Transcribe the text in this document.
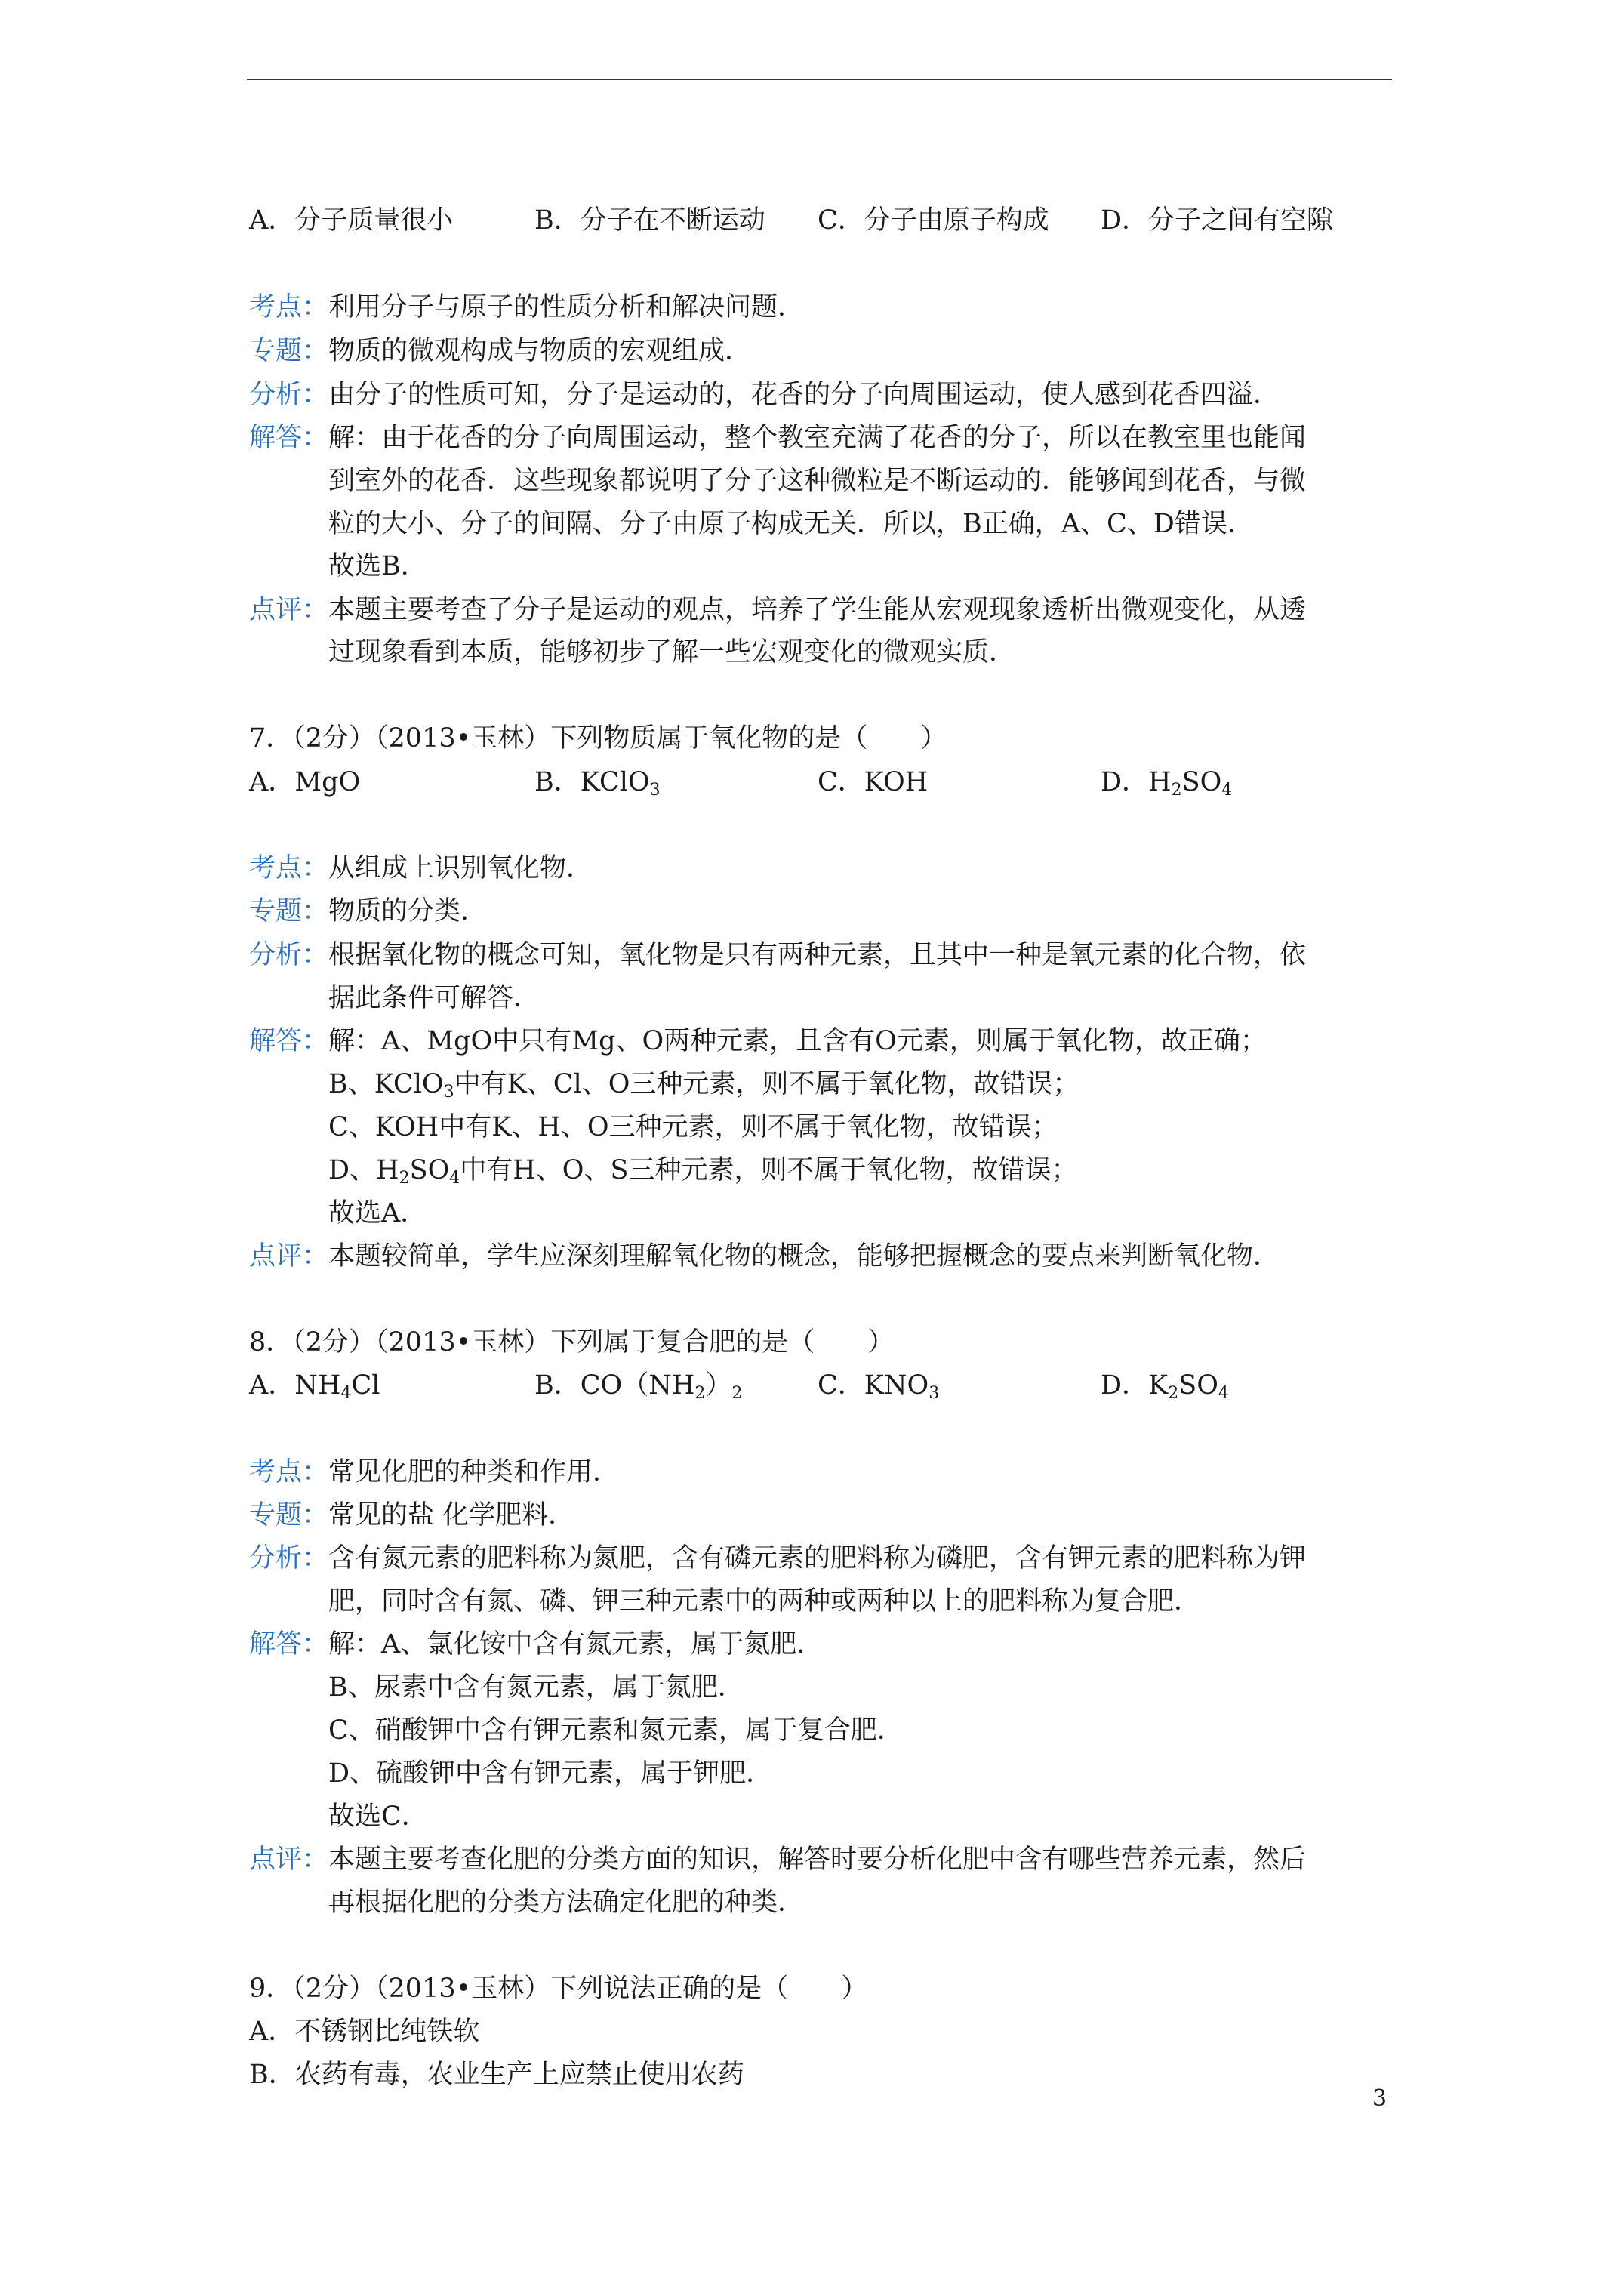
A．分子质量很小	B．分子在不断运动 C．分子由原子构成 D．分子之间有空隙
考点：利用分子与原子的性质分析和解决问题．
专题：物质的微观构成与物质的宏观组成．
分析：由分子的性质可知，分子是运动的，花香的分子向周围运动，使人感到花香四溢．
解答：解：由于花香的分子向周围运动，整个教室充满了花香的分子，所以在教室里也能闻
到室外的花香．这些现象都说明了分子这种微粒是不断运动的．能够闻到花香，与微
粒的大小、分子的间隔、分子由原子构成无关．所以，B正确，A、C、D错误．
故选B．
点评：本题主要考查了分子是运动的观点，培养了学生能从宏观现象透析出微观变化，从透
过现象看到本质，能够初步了解一些宏观变化的微观实质．
7．（2分）（2013•玉林）下列物质属于氧化物的是（　　）
A．MgO	B．KClO$_3$	C．KOH	D．$H_2SO_4$
考点：从组成上识别氧化物．
专题：物质的分类．
分析：根据氧化物的概念可知，氧化物是只有两种元素，且其中一种是氧元素的化合物，依
据此条件可解答．
解答：解：A、MgO中只有Mg、O两种元素，且含有O元素，则属于氧化物，故正确；
B、KClO$_3$中有K、Cl、O三种元素，则不属于氧化物，故错误；
C、KOH中有K、H、O三种元素，则不属于氧化物，故错误；
D、$H_2SO_4$中有H、O、S三种元素，则不属于氧化物，故错误；
故选A．
点评：本题较简单，学生应深刻理解氧化物的概念，能够把握概念的要点来判断氧化物．
8．（2分）（2013•玉林）下列属于复合肥的是（　　）
A．$NH_4Cl$	B．$CO(NH_2)_2$	C．$KNO_3$	D．$K_2SO_4$
考点：常见化肥的种类和作用．
专题：常见的盐 化学肥料．
分析：含有氮元素的肥料称为氮肥，含有磷元素的肥料称为磷肥，含有钾元素的肥料称为钾
肥，同时含有氮、磷、钾三种元素中的两种或两种以上的肥料称为复合肥．
解答：解：A、氯化铵中含有氮元素，属于氮肥．
B、尿素中含有氮元素，属于氮肥．
C、硝酸钾中含有钾元素和氮元素，属于复合肥．
D、硫酸钾中含有钾元素，属于钾肥．
故选C．
点评：本题主要考查化肥的分类方面的知识，解答时要分析化肥中含有哪些营养元素，然后
再根据化肥的分类方法确定化肥的种类．
9．（2分）（2013•玉林）下列说法正确的是（　　）
A．不锈钢比纯铁软
B．农药有毒，农业生产上应禁止使用农药
3
